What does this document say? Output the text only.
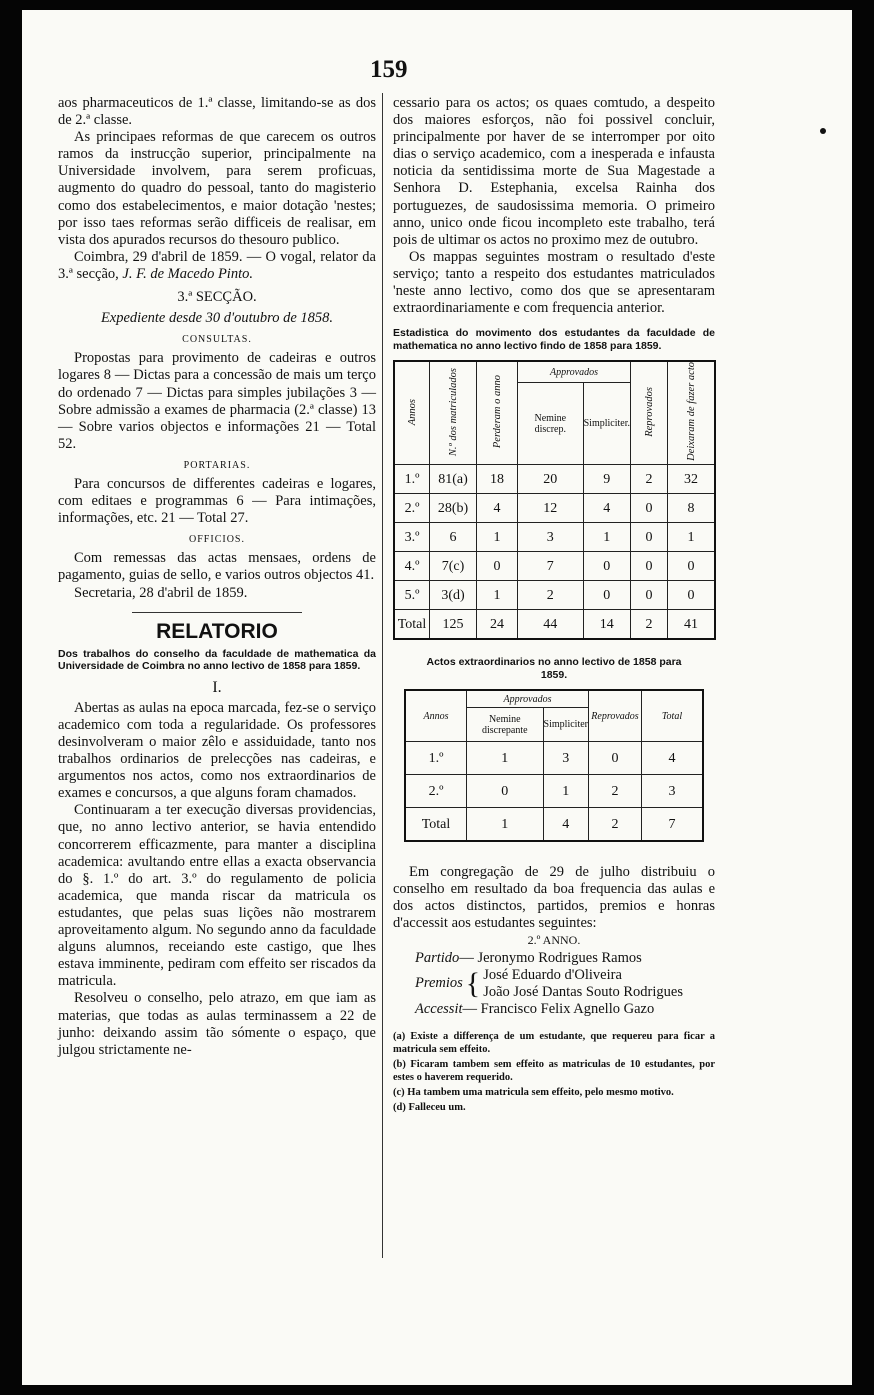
159

aos pharmaceuticos de 1.ª classe, limitando-se as dos de 2.ª classe.

As principaes reformas de que carecem os outros ramos da instrucção superior, principalmente na Universidade involvem, para serem proficuas, augmento do quadro do pessoal, tanto do magisterio como dos estabelecimentos, e maior dotação 'nestes; por isso taes reformas serão difficeis de realisar, em vista dos apurados recursos do thesouro publico.

Coimbra, 29 d'abril de 1859. — O vogal, relator da 3.ª secção, J. F. de Macedo Pinto.

3.ª SECÇÃO.

Expediente desde 30 d'outubro de 1858.

CONSULTAS.

Propostas para provimento de cadeiras e outros logares 8 — Dictas para a concessão de mais um terço do ordenado 7 — Dictas para simples jubilações 3 — Sobre admissão a exames de pharmacia (2.ª classe) 13 — Sobre varios objectos e informações 21 — Total 52.

PORTARIAS.

Para concursos de differentes cadeiras e logares, com editaes e programmas 6 — Para intimações, informações, etc. 21 — Total 27.

OFFICIOS.

Com remessas das actas mensaes, ordens de pagamento, guias de sello, e varios outros objectos 41.

Secretaria, 28 d'abril de 1859.

RELATORIO

Dos trabalhos do conselho da faculdade de mathematica da Universidade de Coimbra no anno lectivo de 1858 para 1859.

I.

Abertas as aulas na epoca marcada, fez-se o serviço academico com toda a regularidade. Os professores desinvolveram o maior zêlo e assiduidade, tanto nos trabalhos ordinarios de prelecções nas cadeiras, e argumentos nos actos, como nos extraordinarios de exames e concursos, a que alguns foram chamados.

Continuaram a ter execução diversas providencias, que, no anno lectivo anterior, se havia entendido concorrerem efficazmente, para manter a disciplina academica: avultando entre ellas a exacta observancia do §. 1.º do art. 3.º do regulamento de policia academica, que manda riscar da matricula os estudantes, que pelas suas lições não mostrarem aproveitamento algum. No segundo anno da faculdade alguns alumnos, receiando este castigo, que lhes estava imminente, pediram com effeito ser riscados da matricula.

Resolveu o conselho, pelo atrazo, em que iam as materias, que todas as aulas terminassem a 22 de junho: deixando assim tão sómente o espaço, que julgou strictamente ne-

cessario para os actos; os quaes comtudo, a despeito dos maiores esforços, não foi possivel concluir, principalmente por haver de se interromper por oito dias o serviço academico, com a inesperada e infausta noticia da sentidissima morte de Sua Magestade a Senhora D. Estephania, excelsa Rainha dos portuguezes, de saudosissima memoria. O primeiro anno, unico onde ficou incompleto este trabalho, terá pois de ultimar os actos no proximo mez de outubro.

Os mappas seguintes mostram o resultado d'este serviço; tanto a respeito dos estudantes matriculados 'neste anno lectivo, como dos que se apresentaram extraordinariamente e com frequencia anterior.

Estadistica do movimento dos estudantes da faculdade de mathematica no anno lectivo findo de 1858 para 1859.

Annos	N.º dos matriculados	Perderam o anno	Approvados		Reprovados	Deixaram de fazer acto
			Nemine discrep.	Simpliciter.		
1.º	81(a)	18	20	9	2	32
2.º	28(b)	4	12	4	0	8
3.º	6	1	3	1	0	1
4.º	7(c)	0	7	0	0	0
5.º	3(d)	1	2	0	0	0
Total	125	24	44	14	2	41

Actos extraordinarios no anno lectivo de 1858 para 1859.

Annos	Approvados		Reprovados	Total
	Nemine discrepante	Simpliciter		
1.º	1	3	0	4
2.º	0	1	2	3
Total	1	4	2	7

Em congregação de 29 de julho distribuiu o conselho em resultado da boa frequencia das aulas e dos actos distinctos, partidos, premios e honras d'accessit aos estudantes seguintes:

2.º ANNO.

Partido— Jeronymo Rodrigues Ramos
Premios { José Eduardo d'Oliveira
João José Dantas Souto Rodrigues
Accessit— Francisco Felix Agnello Gazo

(a) Existe a differença de um estudante, que requereu para ficar a matricula sem effeito.

(b) Ficaram tambem sem effeito as matriculas de 10 estudantes, por estes o haverem requerido.

(c) Ha tambem uma matricula sem effeito, pelo mesmo motivo.

(d) Falleceu um.
